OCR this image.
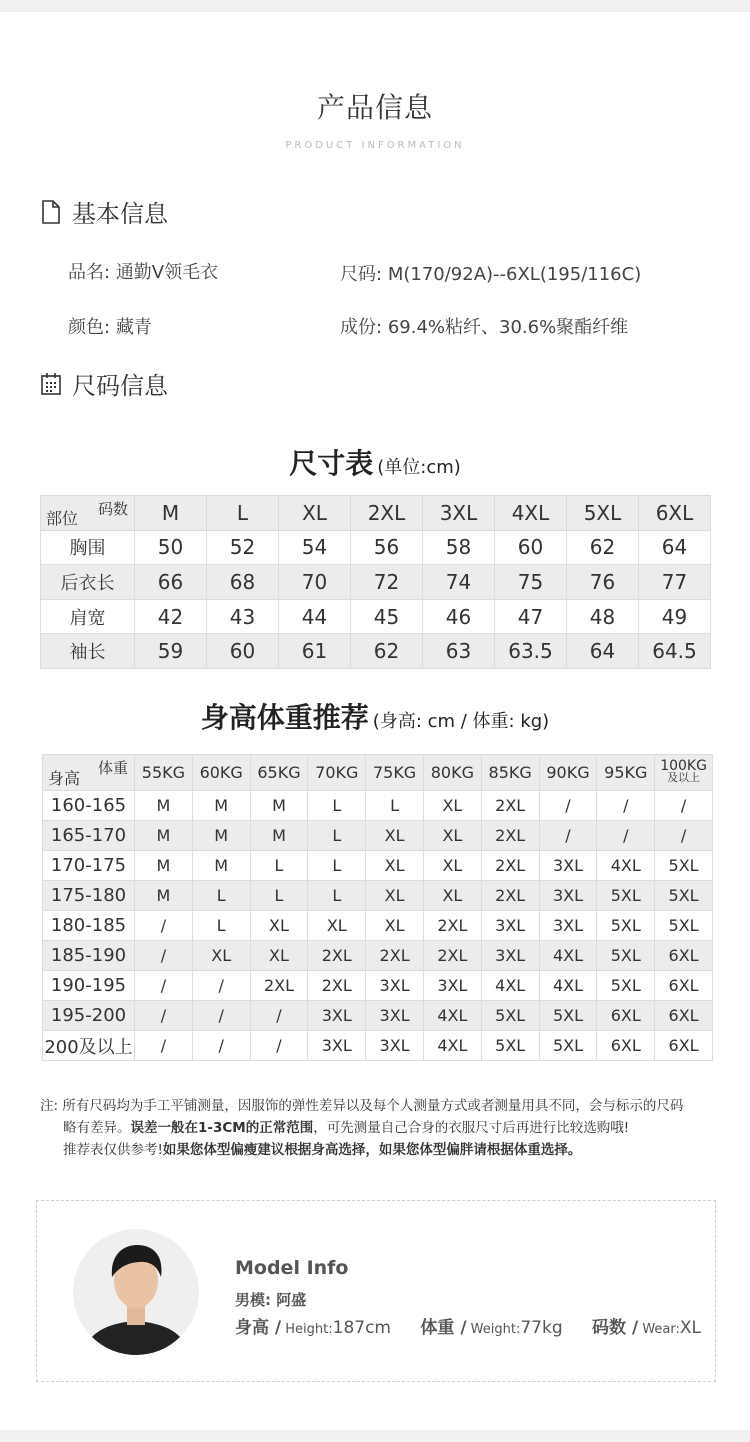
产品信息
PRODUCT INFORMATION
基本信息
品名: 通勤V领毛衣	尺码: M(170/92A)--6XL(195/116C)
颜色: 藏青	成份: 69.4%粘纤、30.6%聚酯纤维
尺码信息
尺寸表 (单位:cm)
码数
部位	M	L	XL	2XL	3XL	4XL	5XL	6XL
胸围	50	52	54	56	58	60	62	64
后衣长	66	68	70	72	74	75	76	77
肩宽	42	43	44	45	46	47	48	49
袖长	59	60	61	62	63	63.5	64	64.5
身高体重推荐 (身高: cm / 体重: kg)
体重
身高	55KG	60KG	65KG	70KG	75KG	80KG	85KG	90KG	95KG	100KG
及以上

160-165	M	M	M	L	L	XL	2XL	/	/	/
165-170	M	M	M	L	XL	XL	2XL	/	/	/
170-175	M	M	L	L	XL	XL	2XL	3XL	4XL	5XL
175-180	M	L	L	L	XL	XL	2XL	3XL	5XL	5XL
180-185	/	L	XL	XL	XL	2XL	3XL	3XL	5XL	5XL
185-190	/	XL	XL	2XL	2XL	2XL	3XL	4XL	5XL	6XL
190-195	/	/	2XL	2XL	3XL	3XL	4XL	4XL	5XL	6XL
195-200	/	/	/	3XL	3XL	4XL	5XL	5XL	6XL	6XL
200及以上	/	/	/	3XL	3XL	4XL	5XL	5XL	6XL	6XL
注: 所有尺码均为手工平铺测量，因服饰的弹性差异以及每个人测量方式或者测量用具不同，会与标示的尺码
略有差异。误差一般在1-3CM的正常范围，可先测量自己合身的衣服尺寸后再进行比较选购哦!
推荐表仅供参考!如果您体型偏瘦建议根据身高选择，如果您体型偏胖请根据体重选择。
Model Info
男模: 阿盛
身高 / Height:187cm 体重 / Weight:77kg 码数 / Wear:XL
